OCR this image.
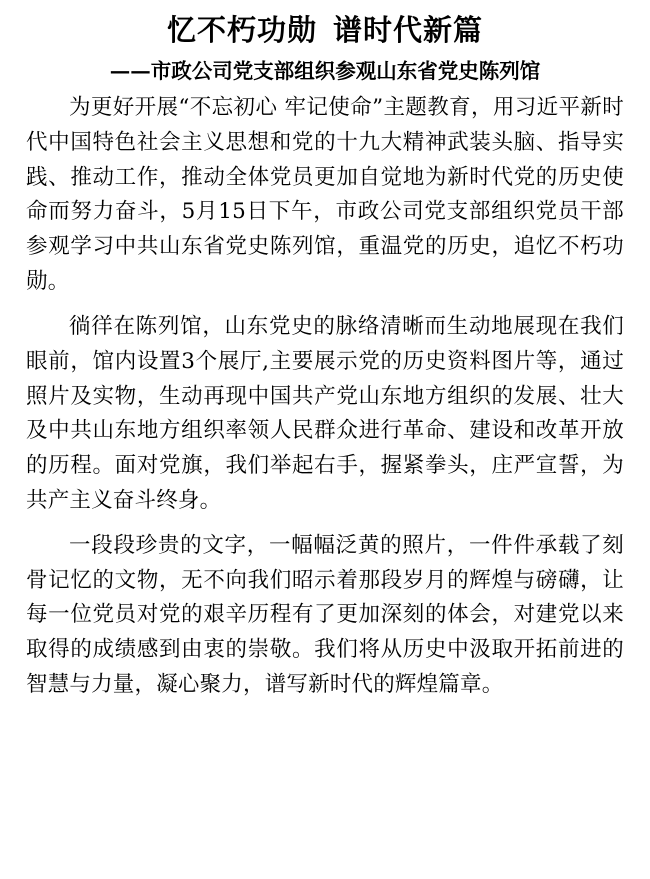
忆不朽功勋 谱时代新篇
——市政公司党支部组织参观山东省党史陈列馆

为更好开展“不忘初心 牢记使命”主题教育，用习近平新时代中国特色社会主义思想和党的十九大精神武装头脑、指导实践、推动工作，推动全体党员更加自觉地为新时代党的历史使命而努力奋斗，5月15日下午，市政公司党支部组织党员干部参观学习中共山东省党史陈列馆，重温党的历史，追忆不朽功勋。

徜徉在陈列馆，山东党史的脉络清晰而生动地展现在我们眼前，馆内设置3个展厅,主要展示党的历史资料图片等，通过照片及实物，生动再现中国共产党山东地方组织的发展、壮大及中共山东地方组织率领人民群众进行革命、建设和改革开放的历程。面对党旗，我们举起右手，握紧拳头，庄严宣誓，为共产主义奋斗终身。

一段段珍贵的文字，一幅幅泛黄的照片，一件件承载了刻骨记忆的文物，无不向我们昭示着那段岁月的辉煌与磅礴，让每一位党员对党的艰辛历程有了更加深刻的体会，对建党以来取得的成绩感到由衷的崇敬。我们将从历史中汲取开拓前进的智慧与力量，凝心聚力，谱写新时代的辉煌篇章。
